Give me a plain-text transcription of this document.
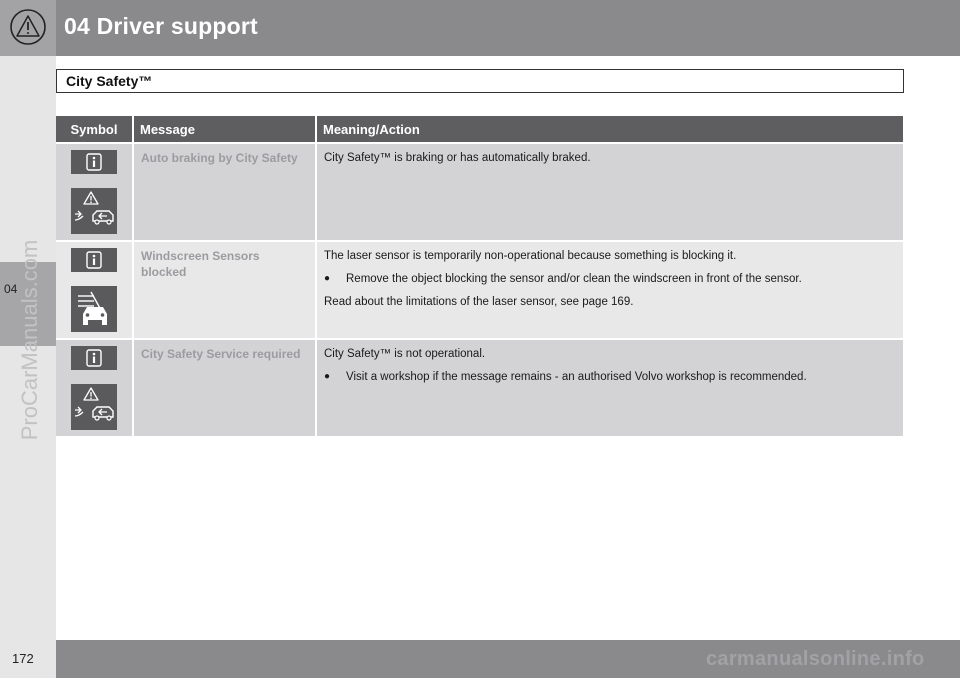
04 Driver support
04 ProCarManuals.com
City Safety™
Symbol	Message	Meaning/Action

Auto braking by City Safety	City Safety™ is braking or has automatically braked.

Windscreen Sensors blocked	The laser sensor is temporarily non-operational because something is blocking it.

● Remove the object blocking the sensor and/or clean the windscreen in front of the sensor.

Read about the limitations of the laser sensor, see page 169.

City Safety Service required	City Safety™ is not operational.

● Visit a workshop if the message remains - an authorised Volvo workshop is recommended.
172	carmanualsonline.info
